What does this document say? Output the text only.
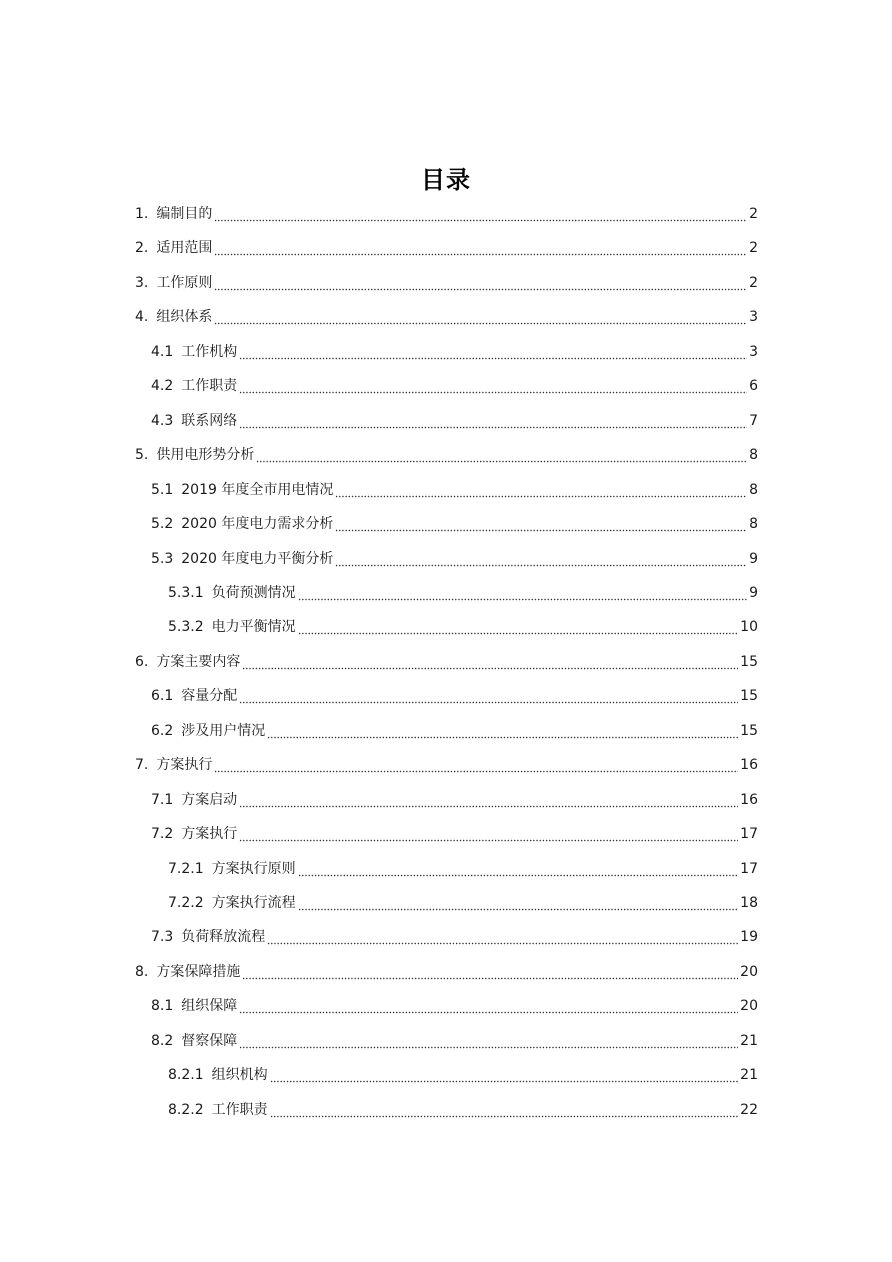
目录
1. 编制目的	2
2. 适用范围	2
3. 工作原则	2
4. 组织体系	3
4.1 工作机构	3
4.2 工作职责	6
4.3 联系网络	7
5. 供用电形势分析	8
5.1 2019 年度全市用电情况	8
5.2 2020 年度电力需求分析	8
5.3 2020 年度电力平衡分析	9
5.3.1 负荷预测情况	9
5.3.2 电力平衡情况	10
6. 方案主要内容	15
6.1 容量分配	15
6.2 涉及用户情况	15
7. 方案执行	16
7.1 方案启动	16
7.2 方案执行	17
7.2.1 方案执行原则	17
7.2.2 方案执行流程	18
7.3 负荷释放流程	19
8. 方案保障措施	20
8.1 组织保障	20
8.2 督察保障	21
8.2.1 组织机构	21
8.2.2 工作职责	22
